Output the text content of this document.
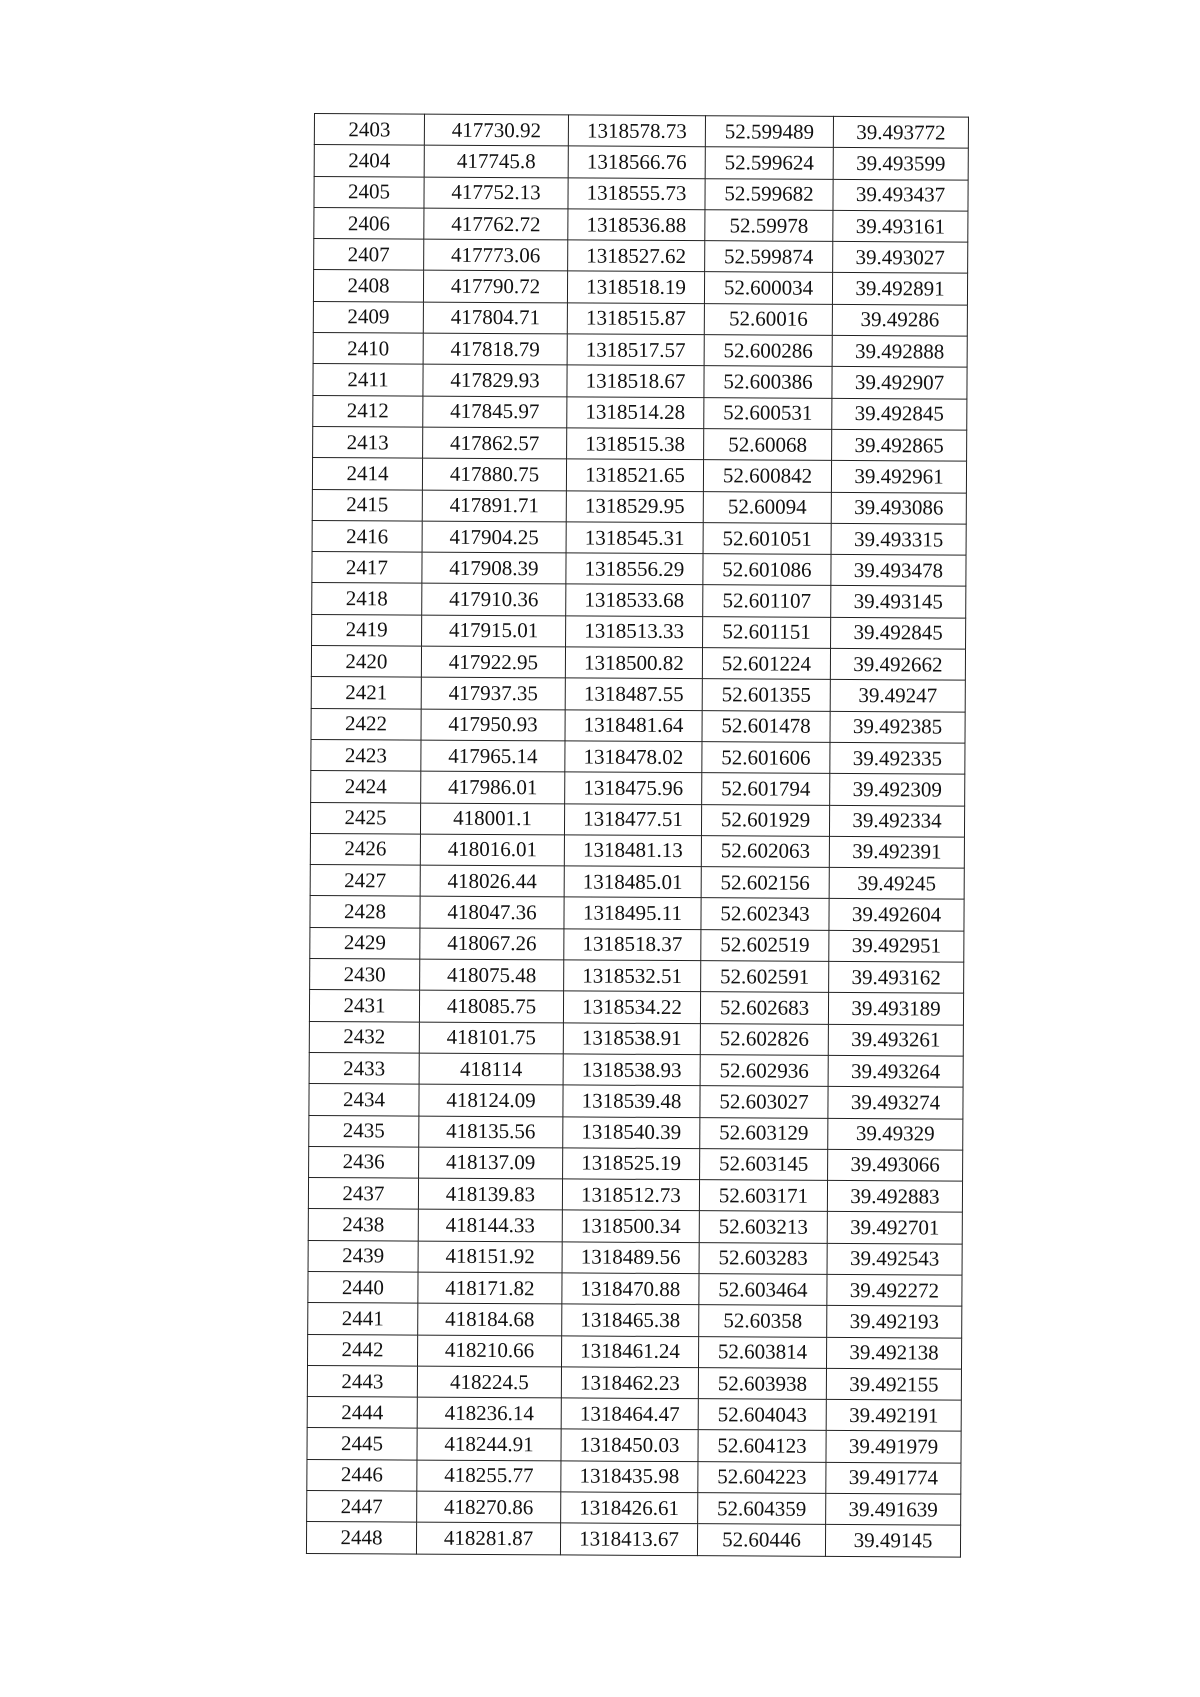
2403	417730.92	1318578.73	52.599489	39.493772
2404	417745.8	1318566.76	52.599624	39.493599
2405	417752.13	1318555.73	52.599682	39.493437
2406	417762.72	1318536.88	52.59978	39.493161
2407	417773.06	1318527.62	52.599874	39.493027
2408	417790.72	1318518.19	52.600034	39.492891
2409	417804.71	1318515.87	52.60016	39.49286
2410	417818.79	1318517.57	52.600286	39.492888
2411	417829.93	1318518.67	52.600386	39.492907
2412	417845.97	1318514.28	52.600531	39.492845
2413	417862.57	1318515.38	52.60068	39.492865
2414	417880.75	1318521.65	52.600842	39.492961
2415	417891.71	1318529.95	52.60094	39.493086
2416	417904.25	1318545.31	52.601051	39.493315
2417	417908.39	1318556.29	52.601086	39.493478
2418	417910.36	1318533.68	52.601107	39.493145
2419	417915.01	1318513.33	52.601151	39.492845
2420	417922.95	1318500.82	52.601224	39.492662
2421	417937.35	1318487.55	52.601355	39.49247
2422	417950.93	1318481.64	52.601478	39.492385
2423	417965.14	1318478.02	52.601606	39.492335
2424	417986.01	1318475.96	52.601794	39.492309
2425	418001.1	1318477.51	52.601929	39.492334
2426	418016.01	1318481.13	52.602063	39.492391
2427	418026.44	1318485.01	52.602156	39.49245
2428	418047.36	1318495.11	52.602343	39.492604
2429	418067.26	1318518.37	52.602519	39.492951
2430	418075.48	1318532.51	52.602591	39.493162
2431	418085.75	1318534.22	52.602683	39.493189
2432	418101.75	1318538.91	52.602826	39.493261
2433	418114	1318538.93	52.602936	39.493264
2434	418124.09	1318539.48	52.603027	39.493274
2435	418135.56	1318540.39	52.603129	39.49329
2436	418137.09	1318525.19	52.603145	39.493066
2437	418139.83	1318512.73	52.603171	39.492883
2438	418144.33	1318500.34	52.603213	39.492701
2439	418151.92	1318489.56	52.603283	39.492543
2440	418171.82	1318470.88	52.603464	39.492272
2441	418184.68	1318465.38	52.60358	39.492193
2442	418210.66	1318461.24	52.603814	39.492138
2443	418224.5	1318462.23	52.603938	39.492155
2444	418236.14	1318464.47	52.604043	39.492191
2445	418244.91	1318450.03	52.604123	39.491979
2446	418255.77	1318435.98	52.604223	39.491774
2447	418270.86	1318426.61	52.604359	39.491639
2448	418281.87	1318413.67	52.60446	39.49145
